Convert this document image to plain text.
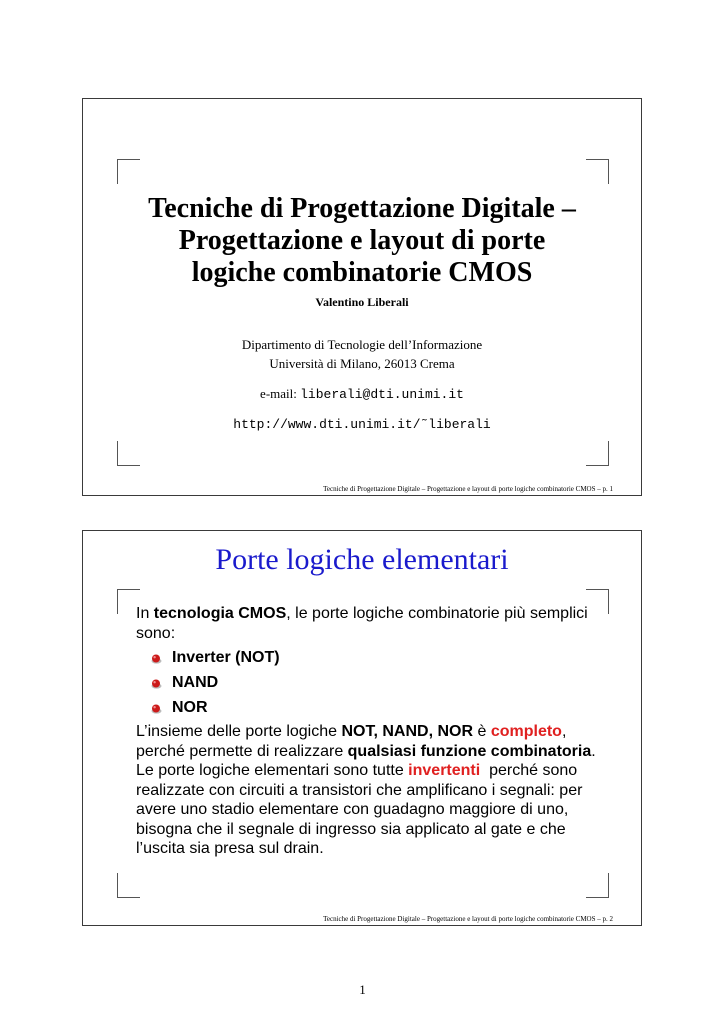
Tecniche di Progettazione Digitale –
Progettazione e layout di porte
logiche combinatorie CMOS
Valentino Liberali
Dipartimento di Tecnologie dell’Informazione
Università di Milano, 26013 Crema
e-mail: liberali@dti.unimi.it
http://www.dti.unimi.it/˜liberali
Tecniche di Progettazione Digitale – Progettazione e layout di porte logiche combinatorie CMOS – p. 1
Porte logiche elementari

In tecnologia CMOS, le porte logiche combinatorie più semplici sono:

Inverter (NOT)
NAND
NOR

L’insieme delle porte logiche NOT, NAND, NOR è completo, perché permette di realizzare qualsiasi funzione combinatoria.

Le porte logiche elementari sono tutte invertenti  perché sono realizzate con circuiti a transistori che amplificano i segnali: per avere uno stadio elementare con guadagno maggiore di uno, bisogna che il segnale di ingresso sia applicato al gate e che l’uscita sia presa sul drain.

Tecniche di Progettazione Digitale – Progettazione e layout di porte logiche combinatorie CMOS – p. 2
1
